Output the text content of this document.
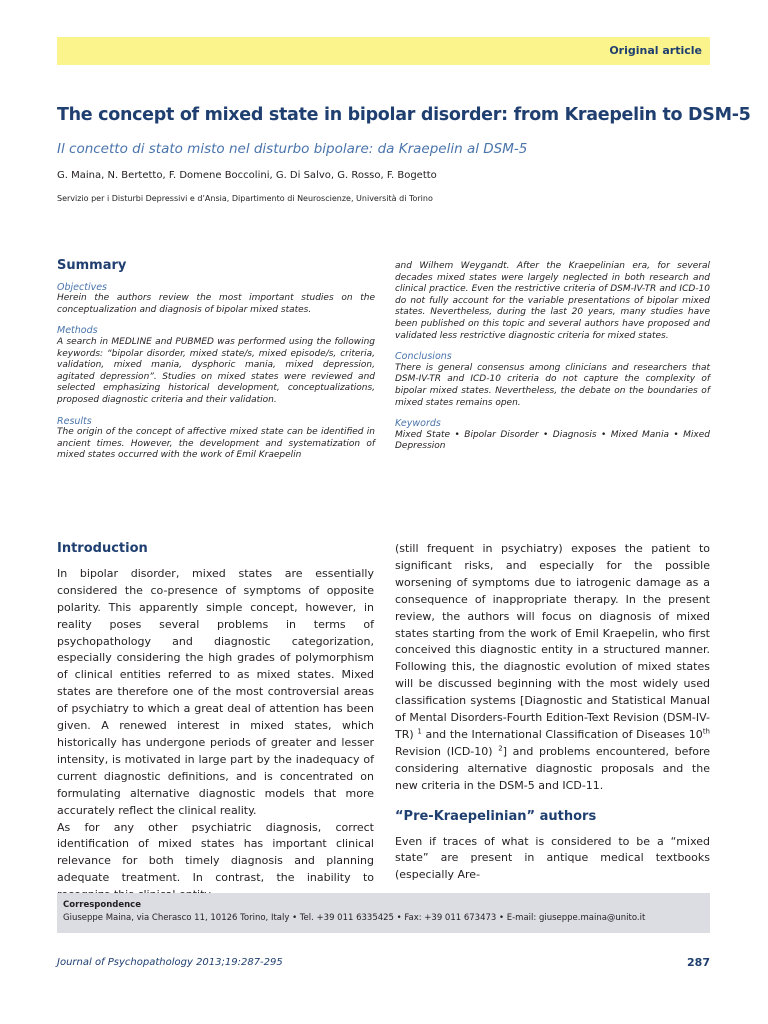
Original article
The concept of mixed state in bipolar disorder: from Kraepelin to DSM-5
Il concetto di stato misto nel disturbo bipolare: da Kraepelin al DSM-5
G. Maina, N. Bertetto, F. Domene Boccolini, G. Di Salvo, G. Rosso, F. Bogetto
Servizio per i Disturbi Depressivi e d’Ansia, Dipartimento di Neuroscienze, Università di Torino
Summary
Objectives

Herein the authors review the most important studies on the conceptualization and diagnosis of bipolar mixed states.

Methods

A search in MEDLINE and PUBMED was performed using the following keywords: “bipolar disorder, mixed state/s, mixed episode/s, criteria, validation, mixed mania, dysphoric mania, mixed depression, agitated depression”. Studies on mixed states were reviewed and selected emphasizing historical development, conceptualizations, proposed diagnostic criteria and their validation.

Results

The origin of the concept of affective mixed state can be identified in ancient times. However, the development and systematization of mixed states occurred with the work of Emil Kraepelin

and Wilhem Weygandt. After the Kraepelinian era, for several decades mixed states were largely neglected in both research and clinical practice. Even the restrictive criteria of DSM-IV-TR and ICD-10 do not fully account for the variable presentations of bipolar mixed states. Nevertheless, during the last 20 years, many studies have been published on this topic and several authors have proposed and validated less restrictive diagnostic criteria for mixed states.

Conclusions

There is general consensus among clinicians and researchers that DSM-IV-TR and ICD-10 criteria do not capture the complexity of bipolar mixed states. Nevertheless, the debate on the boundaries of mixed states remains open.

Keywords

Mixed State • Bipolar Disorder • Diagnosis • Mixed Mania • Mixed Depression

Introduction

In bipolar disorder, mixed states are essentially considered the co-presence of symptoms of opposite polarity. This apparently simple concept, however, in reality poses several problems in terms of psychopathology and diagnostic categorization, especially considering the high grades of polymorphism of clinical entities referred to as mixed states. Mixed states are therefore one of the most controversial areas of psychiatry to which a great deal of attention has been given. A renewed interest in mixed states, which historically has undergone periods of greater and lesser intensity, is motivated in large part by the inadequacy of current diagnostic definitions, and is concentrated on formulating alternative diagnostic models that more accurately reflect the clinical reality.

As for any other psychiatric diagnosis, correct identification of mixed states has important clinical relevance for both timely diagnosis and planning adequate treatment. In contrast, the inability to

(still frequent in psychiatry) exposes the patient to significant risks, and especially for the possible worsening of symptoms due to iatrogenic damage as a consequence of inappropriate therapy. In the present review, the authors will focus on diagnosis of mixed states starting from the work of Emil Kraepelin, who first conceived this diagnostic entity in a structured manner. Following this, the diagnostic evolution of mixed states will be discussed beginning with the most widely used classification systems [Diagnostic and Statistical Manual of Mental Disorders-Fourth Edition-Text Revision (DSM-IV-TR) $^1$ and the International Classification of Diseases 10th Revision (ICD-10) $^2$] and problems encountered, before considering alternative diagnostic proposals and the new criteria in the DSM-5 and ICD-11.

“Pre-Kraepelinian” authors

Even if traces of what is considered to be a “mixed state” are present in antique medical textbooks (especially Are-

Correspondence
Giuseppe Maina, via Cherasco 11, 10126 Torino, Italy • Tel. +39 011 6335425 • Fax: +39 011 673473 • E-mail: giuseppe.maina@unito.it
Journal of Psychopathology 2013;19:287-295	287
